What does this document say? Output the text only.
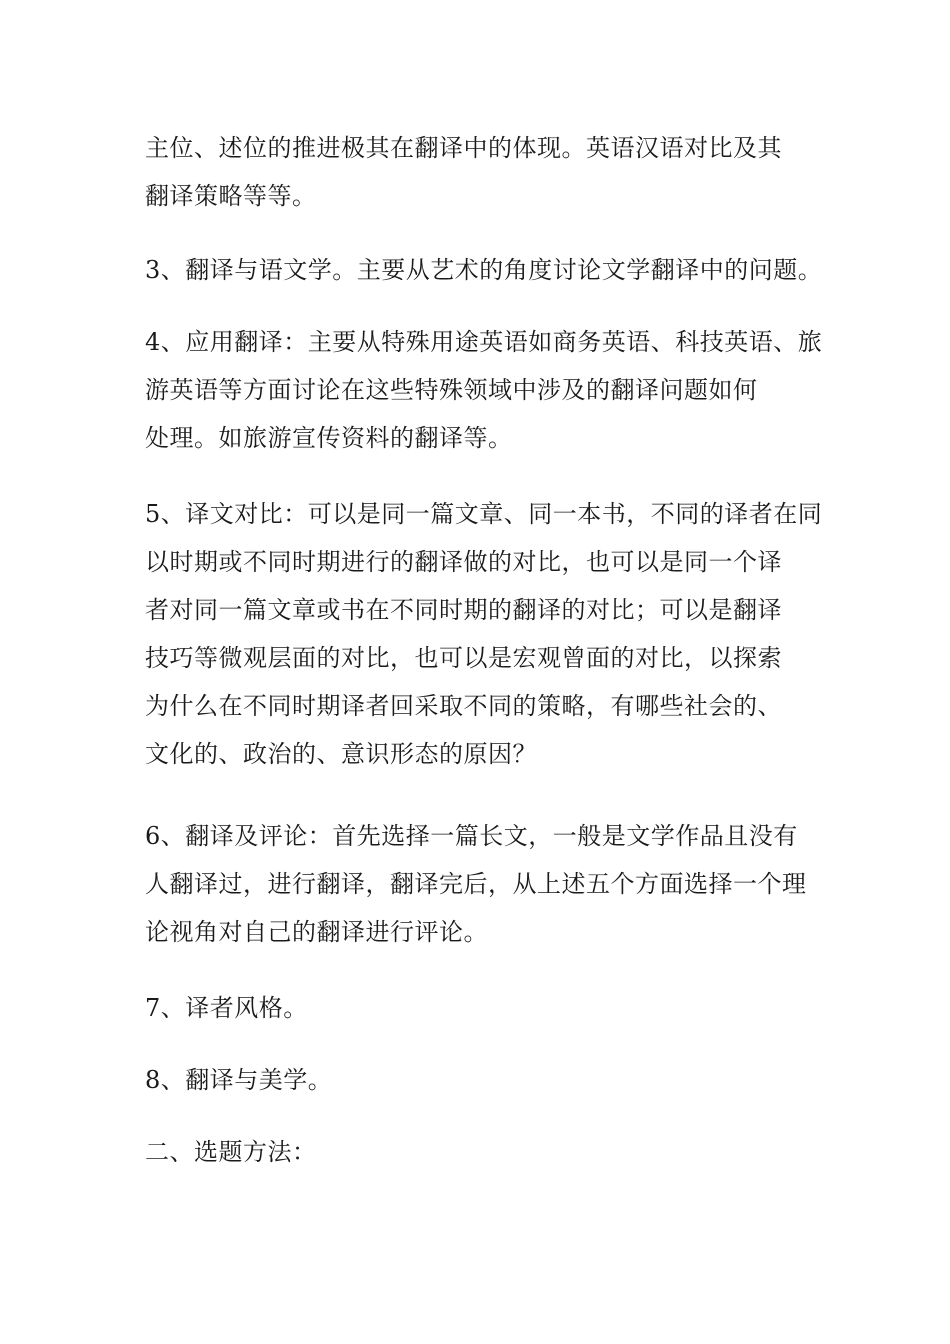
主位、述位的推进极其在翻译中的体现。英语汉语对比及其
翻译策略等等。

3、翻译与语文学。主要从艺术的角度讨论文学翻译中的问题。

4、应用翻译：主要从特殊用途英语如商务英语、科技英语、旅
游英语等方面讨论在这些特殊领域中涉及的翻译问题如何
处理。如旅游宣传资料的翻译等。

5、译文对比：可以是同一篇文章、同一本书，不同的译者在同
以时期或不同时期进行的翻译做的对比，也可以是同一个译
者对同一篇文章或书在不同时期的翻译的对比；可以是翻译
技巧等微观层面的对比，也可以是宏观曾面的对比，以探索
为什么在不同时期译者回采取不同的策略，有哪些社会的、
文化的、政治的、意识形态的原因？

6、翻译及评论：首先选择一篇长文，一般是文学作品且没有
人翻译过，进行翻译，翻译完后，从上述五个方面选择一个理
论视角对自己的翻译进行评论。

7、译者风格。

8、翻译与美学。

二、选题方法：
